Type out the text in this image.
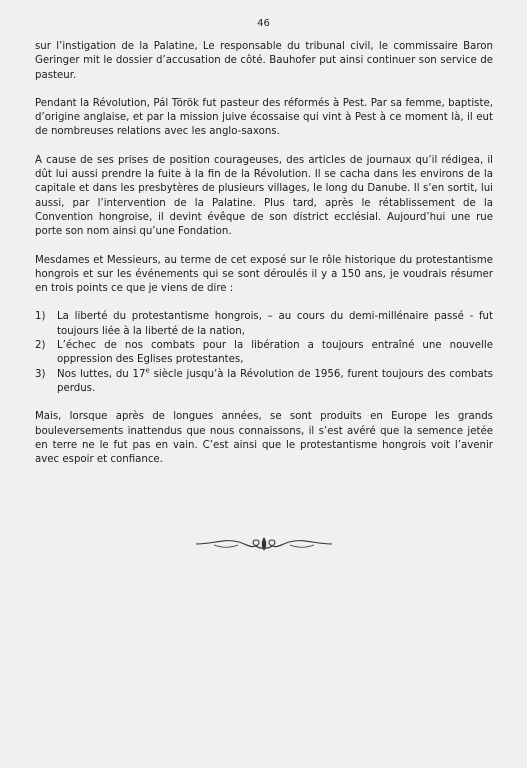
46

sur l’instigation de la Palatine, Le responsable du tribunal civil, le commissaire Baron Geringer mit le dossier d’accusation de côté. Bauhofer put ainsi continuer son service de pasteur.

Pendant la Révolution, Pál Török fut pasteur des réformés à Pest. Par sa femme, baptiste, d’origine anglaise, et par la mission juive écossaise qui vint à Pest à ce moment là, il eut de nombreuses relations avec les anglo-saxons.

A cause de ses prises de position courageuses, des articles de journaux qu’il rédigea, il dût lui aussi prendre la fuite à la fin de la Révolution. Il se cacha dans les environs de la capitale et dans les presbytères de plusieurs villages, le long du Danube. Il s’en sortit, lui aussi, par l’intervention de la Palatine. Plus tard, après le rétablissement de la Convention hongroise, il devint évêque de son district ecclésial. Aujourd’hui une rue porte son nom ainsi qu’une Fondation.

Mesdames et Messieurs, au terme de cet exposé sur le rôle historique du protestantisme hongrois et sur les événements qui se sont déroulés il y a 150 ans, je voudrais résumer en trois points ce que je viens de dire :

1) La liberté du protestantisme hongrois, – au cours du demi-millénaire passé - fut toujours liée à la liberté de la nation,
2) L’échec de nos combats pour la libération a toujours entraîné une nouvelle oppression des Eglises protestantes,
3) Nos luttes, du 17e siècle jusqu’à la Révolution de 1956, furent toujours des combats perdus.

Mais, lorsque après de longues années, se sont produits en Europe les grands bouleversements inattendus que nous connaissons, il s’est avéré que la semence jetée en terre ne le fut pas en vain. C’est ainsi que le protestantisme hongrois voit l’avenir avec espoir et confiance.
